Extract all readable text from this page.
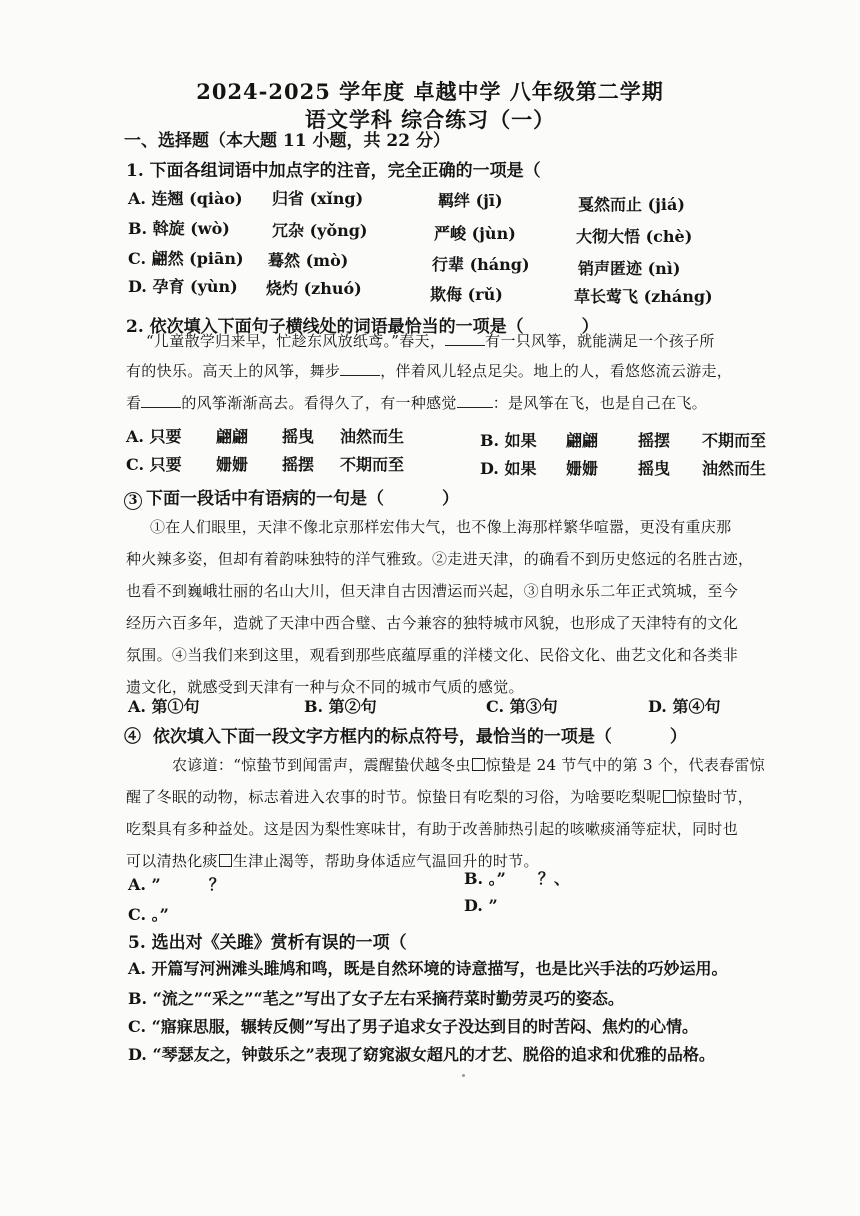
2024-2025 学年度 卓越中学 八年级第二学期
语文学科 综合练习（一）
一、选择题（本大题 11 小题，共 22 分）
1. 下面各组词语中加点字的注音，完全正确的一项是（
A. 连翘 (qiào) 归省 (xǐng)	羁绊 (jī)	戛然而止 (jiá)
B. 斡旋 (wò)	冗杂 (yǒng)	严峻 (jùn)	大彻大悟 (chè)
C. 翩然 (piān) 蓦然 (mò)	行辈 (háng)	销声匿迹 (nì)
D. 孕育 (yùn) 烧灼 (zhuó)	欺侮 (rǔ)	草长莺飞 (zháng)
2. 依次填入下面句子横线处的词语最恰当的一项是（	）
“儿童散学归来早，忙趁东风放纸鸢。”春天，	有一只风筝，就能满足一个孩子所
有的快乐。高天上的风筝，舞步	，伴着风儿轻点足尖。地上的人，看悠悠流云游走，
看	的风筝渐渐高去。看得久了，有一种感觉 ：是风筝在飞，也是自己在飞。
A. 只要 翩翩 摇曳 油然而生	B. 如果 翩翩 摇摆 不期而至
C. 只要 姗姗 摇摆 不期而至	D. 如果 姗姗 摇曳 油然而生
3 下面一段话中有语病的一句是（	）
①在人们眼里，天津不像北京那样宏伟大气，也不像上海那样繁华喧嚣，更没有重庆那
种火辣多姿，但却有着韵味独特的洋气雅致。②走进天津，的确看不到历史悠远的名胜古迹，
也看不到巍峨壮丽的名山大川，但天津自古因漕运而兴起，③自明永乐二年正式筑城，至今
经历六百多年，造就了天津中西合璧、古今兼容的独特城市风貌，也形成了天津特有的文化
氛围。④当我们来到这里，观看到那些底蕴厚重的洋楼文化、民俗文化、曲艺文化和各类非
遗文化，就感受到天津有一种与众不同的城市气质的感觉。
A. 第①句	B. 第②句	C. 第③句	D. 第④句
④ 依次填入下面一段文字方框内的标点符号，最恰当的一项是（	）
农谚道：“惊蛰节到闻雷声，震醒蛰伏越冬虫 惊蛰是 24 节气中的第 3 个，代表春雷惊
醒了冬眠的动物，标志着进入农事的时节。惊蛰日有吃梨的习俗，为啥要吃梨呢 惊蛰时节，
吃梨具有多种益处。这是因为梨性寒味甘，有助于改善肺热引起的咳嗽痰涌等症状，同时也
可以清热化痰 生津止渴等，帮助身体适应气温回升的时节。
A. ”　　　？	B. 。”　　？、
C. 。”	D. ”
5. 选出对《关雎》赏析有误的一项（
A. 开篇写河洲滩头雎鸠和鸣，既是自然环境的诗意描写，也是比兴手法的巧妙运用。
B. “流之”“采之”“芼之”写出了女子左右采摘荇菜时勤劳灵巧的姿态。
C. “寤寐思服，辗转反侧”写出了男子追求女子没达到目的时苦闷、焦灼的心情。
D. “琴瑟友之，钟鼓乐之”表现了窈窕淑女超凡的才艺、脱俗的追求和优雅的品格。
